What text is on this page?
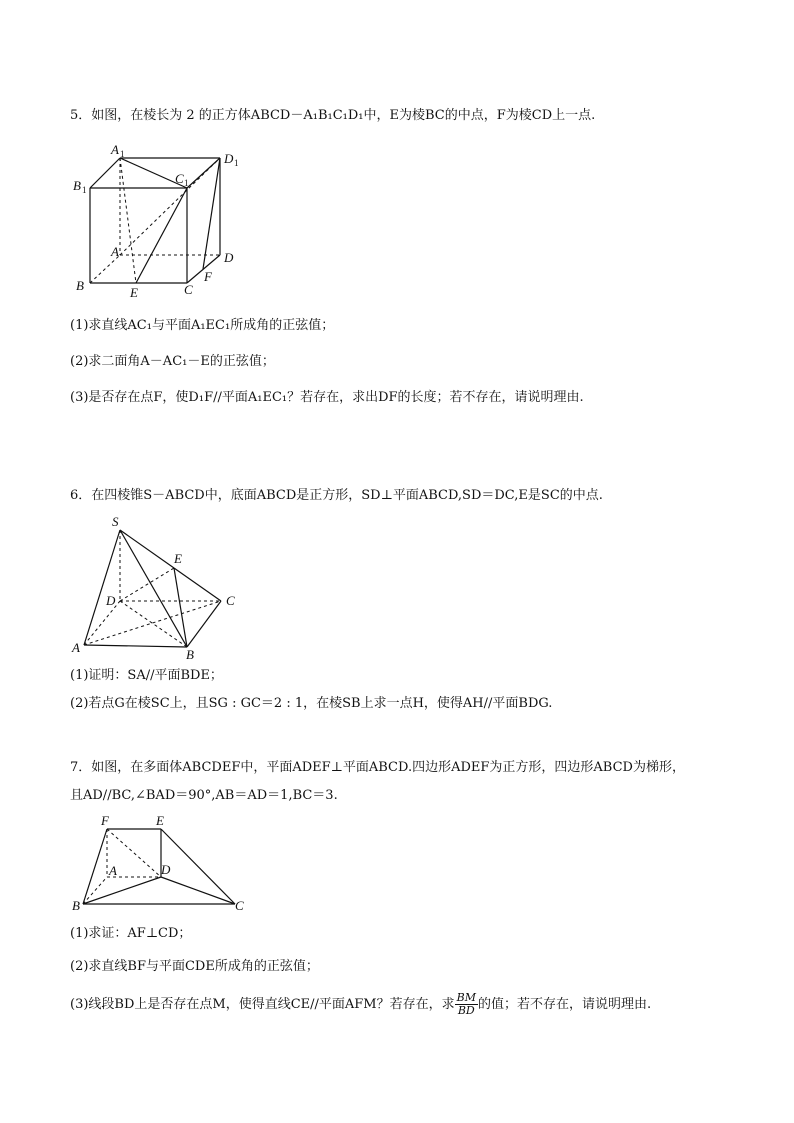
5．如图，在棱长为 2 的正方体ABCD－A₁B₁C₁D₁中，E为棱BC的中点，F为棱CD上一点.
A 1
B 1
C 1
D 1
A	D
B	E	C
F
(1)求直线AC₁与平面A₁EC₁所成角的正弦值；
(2)求二面角A－AC₁－E的正弦值；
(3)是否存在点F，使D₁F//平面A₁EC₁？若存在，求出DF的长度；若不存在，请说明理由.
6．在四棱锥S－ABCD中，底面ABCD是正方形，SD⊥平面ABCD,SD＝DC,E是SC的中点.
S
E
D	C
A	B
(1)证明：SA//平面BDE；
(2)若点G在棱SC上，且SG : GC＝2 : 1，在棱SB上求一点H，使得AH//平面BDG.
7．如图，在多面体ABCDEF中，平面ADEF⊥平面ABCD.四边形ADEF为正方形，四边形ABCD为梯形，
且AD//BC,∠BAD＝90°,AB＝AD＝1,BC＝3.
F	E
A	D
B	C
(1)求证：AF⊥CD；
(2)求直线BF与平面CDE所成角的正弦值；
(3)线段BD上是否存在点M，使得直线CE//平面AFM？若存在，求 $\frac{BM}{BD}$ 的值；若不存在，请说明理由.
